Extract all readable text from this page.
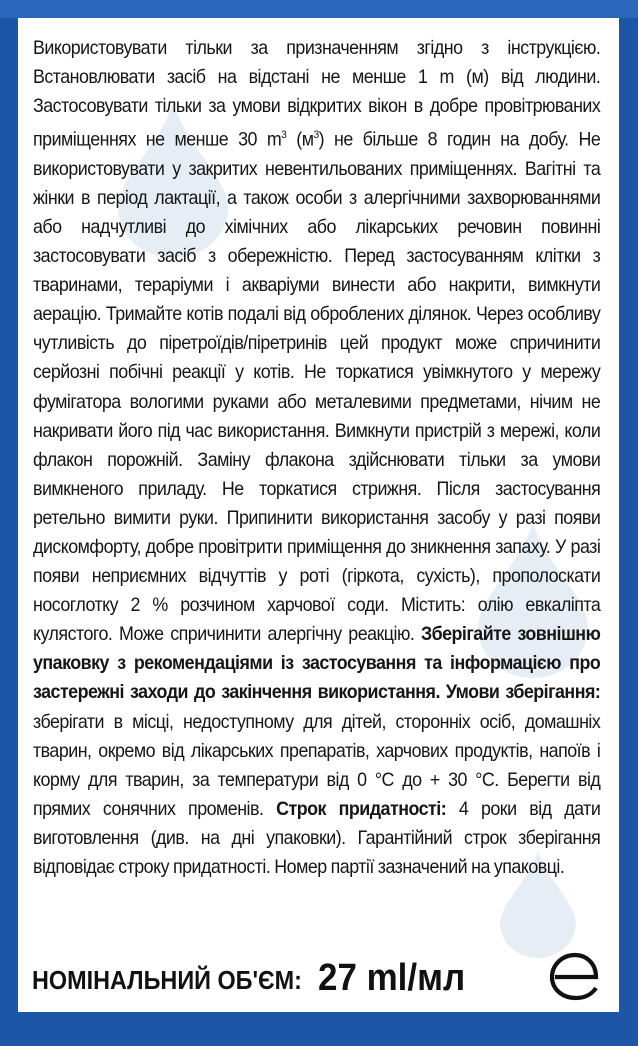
Використовувати тільки за призначенням згідно з інструкцією. Встановлювати засіб на відстані не менше 1 m (м) від людини. Застосовувати тільки за умови відкритих вікон в добре провітрюваних приміщеннях не менше 30 $m^3$ $(м^3)$ не більше 8 годин на добу. Не використовувати у закритих невентильованих приміщеннях. Вагітні та жінки в період лактації, а також особи з алергічними захворюваннями або надчутливі до хімічних або лікарських речовин повинні застосовувати засіб з обережністю. Перед застосуванням клітки з тваринами, тераріуми і акваріуми винести або накрити, вимкнути аерацію. Тримайте котів подалі від оброблених ділянок. Через особливу чутливість до піретроїдів/піретринів цей продукт може спричинити серйозні побічні реакції у котів. Не торкатися увімкнутого у мережу фумігатора вологими руками або металевими предметами, нічим не накривати його під час використання. Вимкнути пристрій з мережі, коли флакон порожній. Заміну флакона здійснювати тільки за умови вимкненого приладу. Не торкатися стрижня. Після застосування ретельно вимити руки. Припинити використання засобу у разі появи дискомфорту, добре провітрити приміщення до зникнення запаху. У разі появи неприємних відчуттів у роті (гіркота, сухість), прополоскати носоглотку 2 % розчином харчової соди. Містить: олію евкаліпта кулястого. Може спричинити алергічну реакцію. Зберігайте зовнішню упаковку з рекомендаціями із застосування та інформацією про застережні заходи до закінчення використання. Умови зберігання: зберігати в місці, недоступному для дітей, сторонніх осіб, домашніх тварин, окремо від лікарських препаратів, харчових продуктів, напоїв і корму для тварин, за температури від 0 °C до + 30 °C. Берегти від прямих сонячних променів. Строк придатності: 4 роки від дати виготовлення (див. на дні упаковки). Гарантійний строк зберігання відповідає строку придатності. Номер партії зазначений на упаковці.
НОМІНАЛЬНИЙ ОБ'ЄМ: 27 ml/мл
